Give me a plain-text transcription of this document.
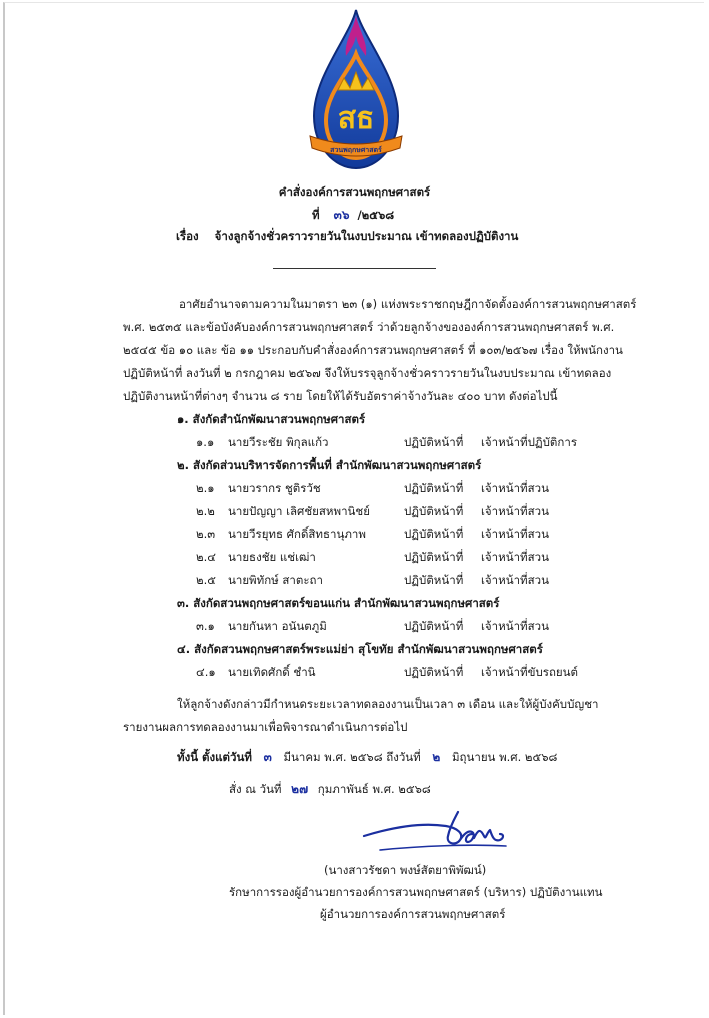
สธ
สวนพฤกษศาสตร์
คำสั่งองค์การสวนพฤกษศาสตร์
ที่ ๓๖ /๒๕๖๘
เรื่อง จ้างลูกจ้างชั่วคราวรายวันในงบประมาณ เข้าทดลองปฏิบัติงาน
อาศัยอำนาจตามความในมาตรา ๒๓ (๑) แห่งพระราชกฤษฎีกาจัดตั้งองค์การสวนพฤกษศาสตร์
พ.ศ. ๒๕๓๕ และข้อบังคับองค์การสวนพฤกษศาสตร์ ว่าด้วยลูกจ้างขององค์การสวนพฤกษศาสตร์ พ.ศ.
๒๕๔๕ ข้อ ๑๐ และ ข้อ ๑๑ ประกอบกับคำสั่งองค์การสวนพฤกษศาสตร์ ที่ ๑๐๓/๒๕๖๗ เรื่อง ให้พนักงาน
ปฏิบัติหน้าที่ ลงวันที่ ๒ กรกฎาคม ๒๕๖๗ จึงให้บรรจุลูกจ้างชั่วคราวรายวันในงบประมาณ เข้าทดลอง
ปฏิบัติงานหน้าที่ต่างๆ จำนวน ๘ ราย โดยให้ได้รับอัตราค่าจ้างวันละ ๔๐๐ บาท ดังต่อไปนี้
๑. สังกัดสำนักพัฒนาสวนพฤกษศาสตร์
๑.๑ นายวีระชัย พิกุลแก้ว	ปฏิบัติหน้าที่ เจ้าหน้าที่ปฏิบัติการ
๒. สังกัดส่วนบริหารจัดการพื้นที่ สำนักพัฒนาสวนพฤกษศาสตร์
๒.๑ นายวรากร ชูติรวัช	ปฏิบัติหน้าที่ เจ้าหน้าที่สวน
๒.๒ นายปัญญา เลิศชัยสหพานิชย์	ปฏิบัติหน้าที่ เจ้าหน้าที่สวน
๒.๓ นายวีรยุทธ ศักดิ์สิทธานุภาพ	ปฏิบัติหน้าที่ เจ้าหน้าที่สวน
๒.๔ นายธงชัย แช่เฒ่า	ปฏิบัติหน้าที่ เจ้าหน้าที่สวน
๒.๕ นายพิทักษ์ สาตะถา	ปฏิบัติหน้าที่ เจ้าหน้าที่สวน
๓. สังกัดสวนพฤกษศาสตร์ขอนแก่น สำนักพัฒนาสวนพฤกษศาสตร์
๓.๑ นายกันหา อนันตภูมิ	ปฏิบัติหน้าที่ เจ้าหน้าที่สวน
๔. สังกัดสวนพฤกษศาสตร์พระแม่ย่า สุโขทัย สำนักพัฒนาสวนพฤกษศาสตร์
๔.๑ นายเทิดศักดิ์ ชำนิ	ปฏิบัติหน้าที่ เจ้าหน้าที่ขับรถยนต์
ให้ลูกจ้างดังกล่าวมีกำหนดระยะเวลาทดลองงานเป็นเวลา ๓ เดือน และให้ผู้บังคับบัญชา
รายงานผลการทดลองงานมาเพื่อพิจารณาดำเนินการต่อไป
ทั้งนี้ ตั้งแต่วันที่ ๓ มีนาคม พ.ศ. ๒๕๖๘ ถึงวันที่ ๒ มิถุนายน พ.ศ. ๒๕๖๘
สั่ง ณ วันที่ ๒๗ กุมภาพันธ์ พ.ศ. ๒๕๖๘
(นางสาวรัชดา พงษ์สัตยาพิพัฒน์)
รักษาการรองผู้อำนวยการองค์การสวนพฤกษศาสตร์ (บริหาร) ปฏิบัติงานแทน
ผู้อำนวยการองค์การสวนพฤกษศาสตร์
